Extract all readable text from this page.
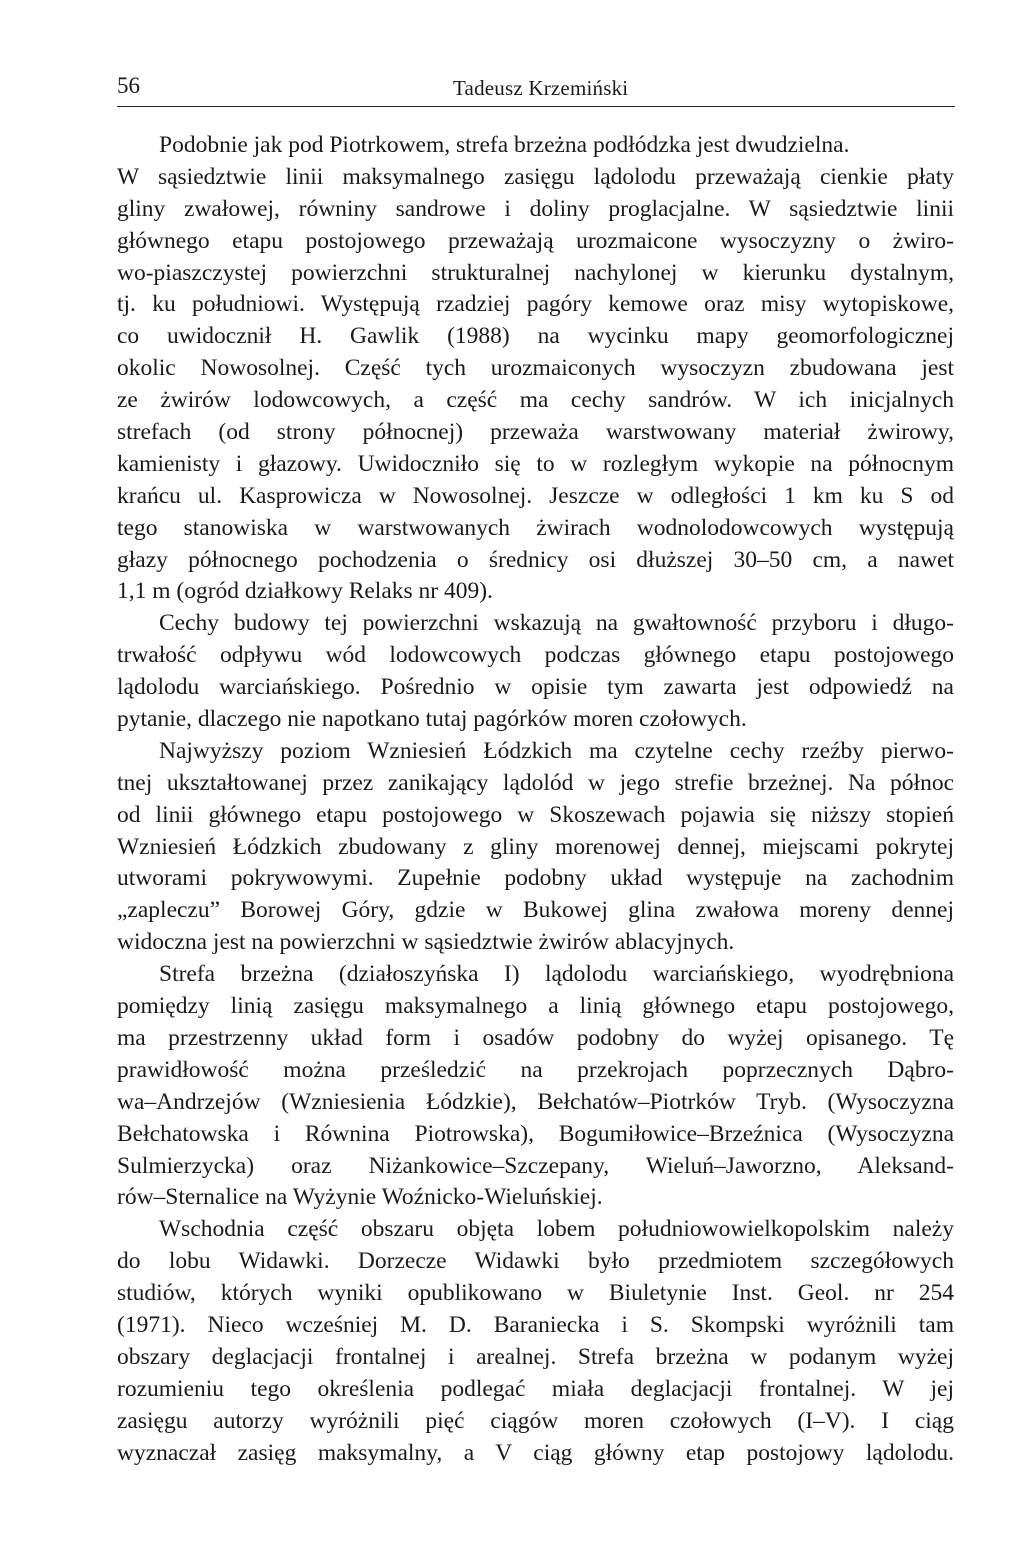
56	Tadeusz Krzemiński
Podobnie jak pod Piotrkowem, strefa brzeżna podłódzka jest dwudzielna.
W sąsiedztwie linii maksymalnego zasięgu lądolodu przeważają cienkie płaty
gliny zwałowej, równiny sandrowe i doliny proglacjalne. W sąsiedztwie linii
głównego etapu postojowego przeważają urozmaicone wysoczyzny o żwiro-
wo-piaszczystej powierzchni strukturalnej nachylonej w kierunku dystalnym,
tj. ku południowi. Występują rzadziej pagóry kemowe oraz misy wytopiskowe,
co uwidocznił H. Gawlik (1988) na wycinku mapy geomorfologicznej
okolic Nowosolnej. Część tych urozmaiconych wysoczyzn zbudowana jest
ze żwirów lodowcowych, a część ma cechy sandrów. W ich inicjalnych
strefach (od strony północnej) przeważa warstwowany materiał żwirowy,
kamienisty i głazowy. Uwidoczniło się to w rozległym wykopie na północnym
krańcu ul. Kasprowicza w Nowosolnej. Jeszcze w odległości 1 km ku S od
tego stanowiska w warstwowanych żwirach wodnolodowcowych występują
głazy północnego pochodzenia o średnicy osi dłuższej 30–50 cm, a nawet
1,1 m (ogród działkowy Relaks nr 409).
Cechy budowy tej powierzchni wskazują na gwałtowność przyboru i długo-
trwałość odpływu wód lodowcowych podczas głównego etapu postojowego
lądolodu warciańskiego. Pośrednio w opisie tym zawarta jest odpowiedź na
pytanie, dlaczego nie napotkano tutaj pagórków moren czołowych.
Najwyższy poziom Wzniesień Łódzkich ma czytelne cechy rzeźby pierwo-
tnej ukształtowanej przez zanikający lądolód w jego strefie brzeżnej. Na północ
od linii głównego etapu postojowego w Skoszewach pojawia się niższy stopień
Wzniesień Łódzkich zbudowany z gliny morenowej dennej, miejscami pokrytej
utworami pokrywowymi. Zupełnie podobny układ występuje na zachodnim
„zapleczu” Borowej Góry, gdzie w Bukowej glina zwałowa moreny dennej
widoczna jest na powierzchni w sąsiedztwie żwirów ablacyjnych.
Strefa brzeżna (działoszyńska I) lądolodu warciańskiego, wyodrębniona
pomiędzy linią zasięgu maksymalnego a linią głównego etapu postojowego,
ma przestrzenny układ form i osadów podobny do wyżej opisanego. Tę
prawidłowość można prześledzić na przekrojach poprzecznych Dąbro-
wa–Andrzejów (Wzniesienia Łódzkie), Bełchatów–Piotrków Tryb. (Wysoczyzna
Bełchatowska i Równina Piotrowska), Bogumiłowice–Brzeźnica (Wysoczyzna
Sulmierzycka) oraz Niżankowice–Szczepany, Wieluń–Jaworzno, Aleksand-
rów–Sternalice na Wyżynie Woźnicko-Wieluńskiej.
Wschodnia część obszaru objęta lobem południowowielkopolskim należy
do lobu Widawki. Dorzecze Widawki było przedmiotem szczegółowych
studiów, których wyniki opublikowano w Biuletynie Inst. Geol. nr 254
(1971). Nieco wcześniej M. D. Baraniecka i S. Skompski wyróżnili tam
obszary deglacjacji frontalnej i arealnej. Strefa brzeżna w podanym wyżej
rozumieniu tego określenia podlegać miała deglacjacji frontalnej. W jej
zasięgu autorzy wyróżnili pięć ciągów moren czołowych (I–V). I ciąg
wyznaczał zasięg maksymalny, a V ciąg główny etap postojowy lądolodu.
